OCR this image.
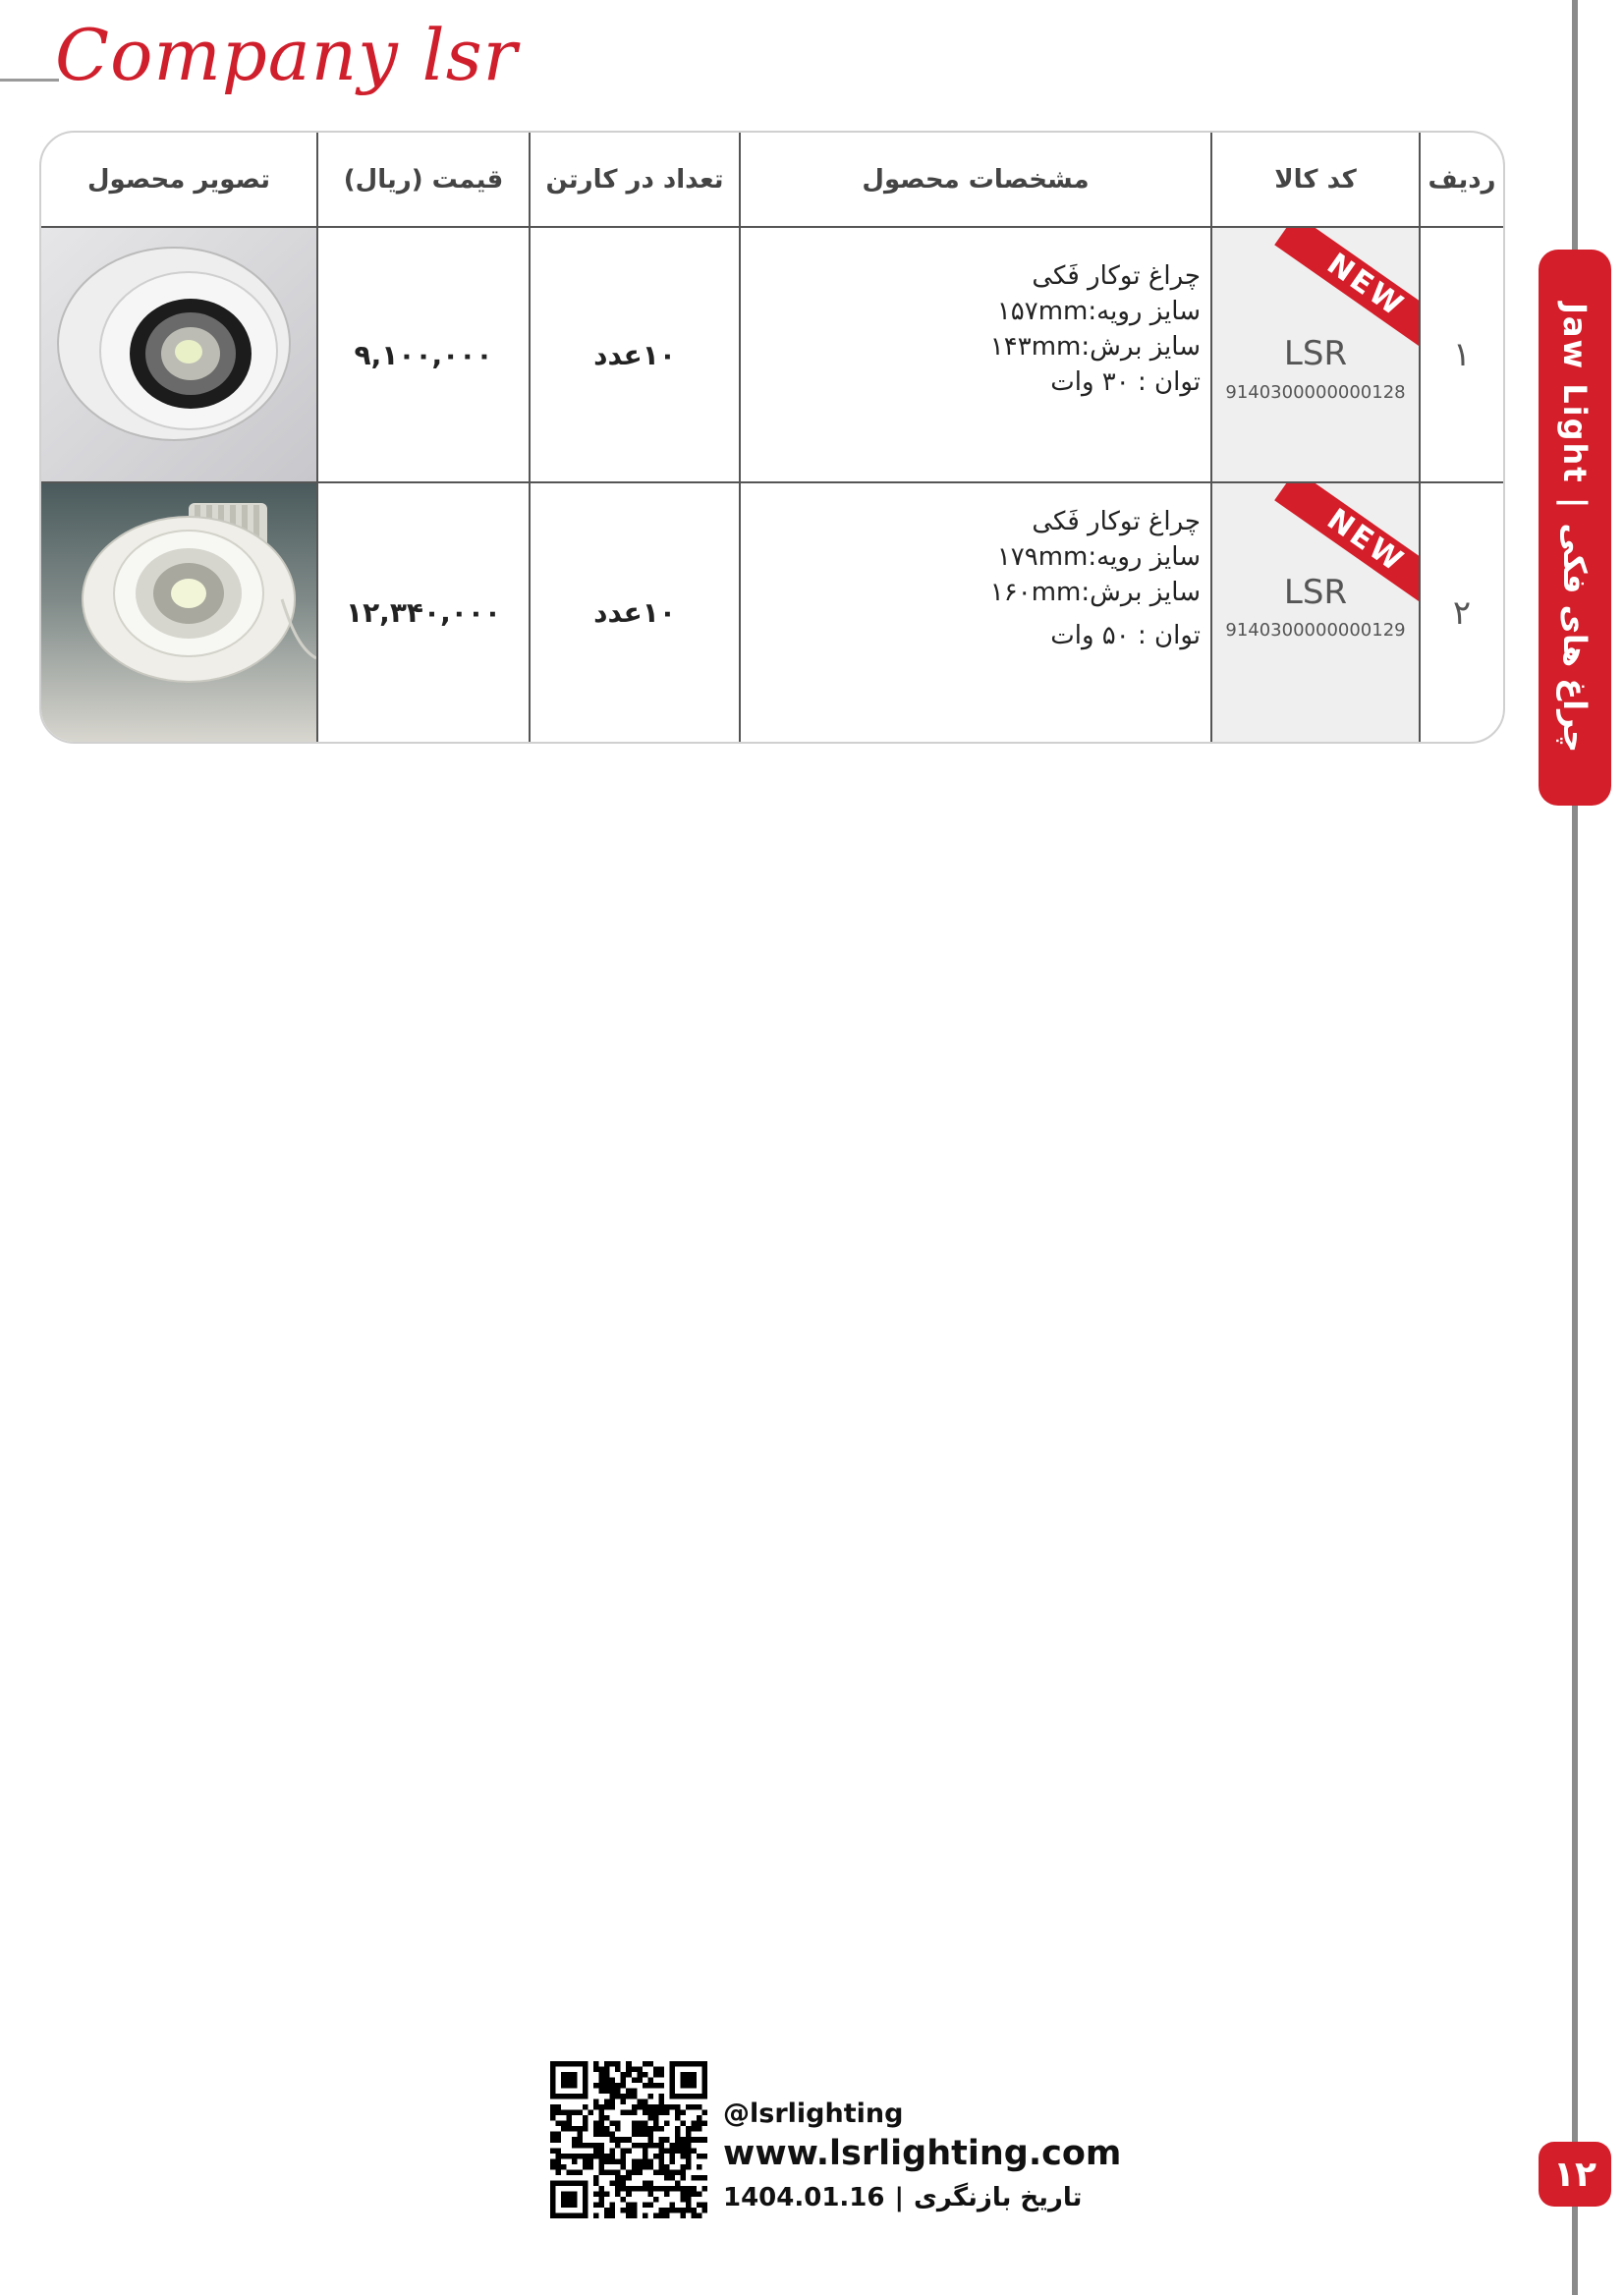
Company lsr
Jaw Light | چراغ های فکی
۱۲
ردیف
کد کالا
مشخصات محصول
تعداد در کارتن
قیمت (ریال)
تصویر محصول
۱
NEW
LSR
9140300000000128
چراغ توکار فَکی
سایز رویه:۱۵۷mm
سایز برش:۱۴۳mm
توان : ۳۰ وات
۱۰عدد
۹,۱۰۰,۰۰۰
۲
NEW
LSR
9140300000000129
چراغ توکار فَکی
سایز رویه:۱۷۹mm
سایز برش:۱۶۰mm
توان : ۵۰ وات
۱۰عدد
۱۲,۳۴۰,۰۰۰
@lsrlighting
www.lsrlighting.com
1404.01.16 | تاریخ بازنگری
